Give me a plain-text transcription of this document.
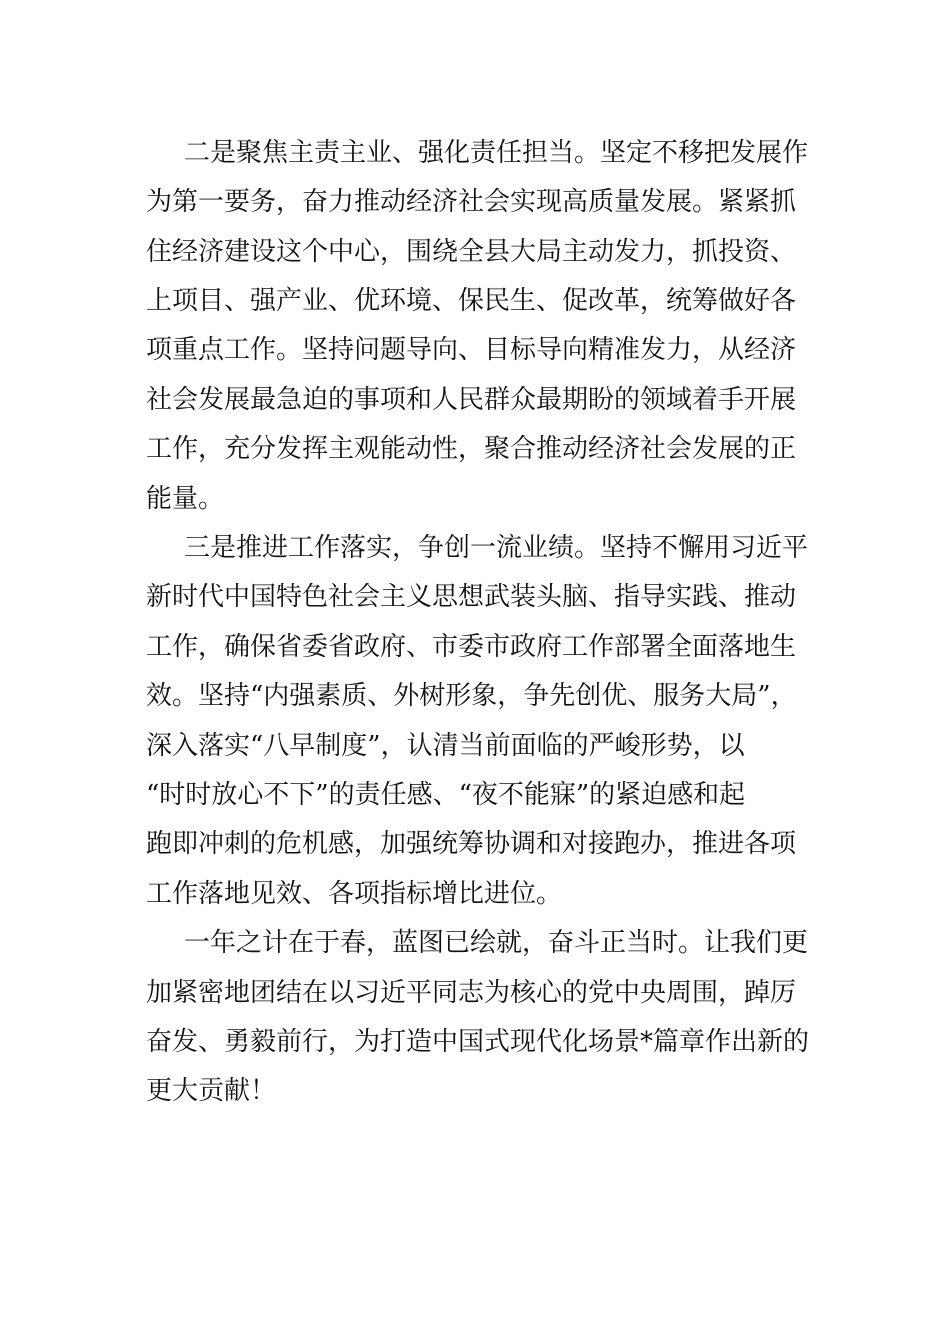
二是聚焦主责主业、强化责任担当。坚定不移把发展作
为第一要务，奋力推动经济社会实现高质量发展。紧紧抓
住经济建设这个中心，围绕全县大局主动发力，抓投资、
上项目、强产业、优环境、保民生、促改革，统筹做好各
项重点工作。坚持问题导向、目标导向精准发力，从经济
社会发展最急迫的事项和人民群众最期盼的领域着手开展
工作，充分发挥主观能动性，聚合推动经济社会发展的正
能量。
三是推进工作落实，争创一流业绩。坚持不懈用习近平
新时代中国特色社会主义思想武装头脑、指导实践、推动
工作，确保省委省政府、市委市政府工作部署全面落地生
效。坚持“内强素质、外树形象，争先创优、服务大局”，
深入落实“八早制度”，认清当前面临的严峻形势，以
“时时放心不下”的责任感、“夜不能寐”的紧迫感和起
跑即冲刺的危机感，加强统筹协调和对接跑办，推进各项
工作落地见效、各项指标增比进位。
一年之计在于春，蓝图已绘就，奋斗正当时。让我们更
加紧密地团结在以习近平同志为核心的党中央周围，踔厉
奋发、勇毅前行，为打造中国式现代化场景*篇章作出新的
更大贡献！
